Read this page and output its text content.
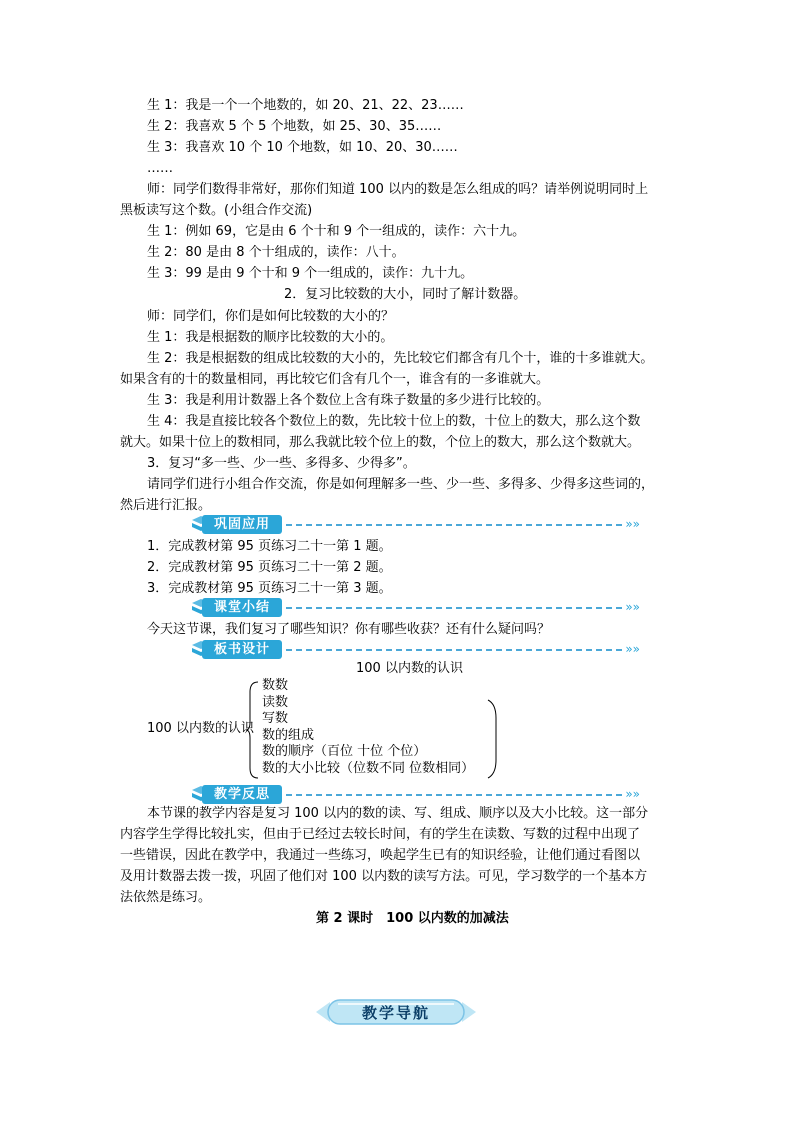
生 1：我是一个一个地数的，如 20、21、22、23……
生 2：我喜欢 5 个 5 个地数，如 25、30、35……
生 3：我喜欢 10 个 10 个地数，如 10、20、30……
……
师：同学们数得非常好，那你们知道 100 以内的数是怎么组成的吗？请举例说明同时上
黑板读写这个数。(小组合作交流)
生 1：例如 69，它是由 6 个十和 9 个一组成的，读作：六十九。
生 2：80 是由 8 个十组成的，读作：八十。
生 3：99 是由 9 个十和 9 个一组成的，读作：九十九。
2．复习比较数的大小，同时了解计数器。
师：同学们，你们是如何比较数的大小的？
生 1：我是根据数的顺序比较数的大小的。
生 2：我是根据数的组成比较数的大小的，先比较它们都含有几个十，谁的十多谁就大。
如果含有的十的数量相同，再比较它们含有几个一，谁含有的一多谁就大。
生 3：我是利用计数器上各个数位上含有珠子数量的多少进行比较的。
生 4：我是直接比较各个数位上的数，先比较十位上的数，十位上的数大，那么这个数
就大。如果十位上的数相同，那么我就比较个位上的数，个位上的数大，那么这个数就大。
3．复习“多一些、少一些、多得多、少得多”。
请同学们进行小组合作交流，你是如何理解多一些、少一些、多得多、少得多这些词的，
然后进行汇报。
1．完成教材第 95 页练习二十一第 1 题。
2．完成教材第 95 页练习二十一第 2 题。
3．完成教材第 95 页练习二十一第 3 题。
今天这节课，我们复习了哪些知识？你有哪些收获？还有什么疑问吗？
本节课的教学内容是复习 100 以内的数的读、写、组成、顺序以及大小比较。这一部分
内容学生学得比较扎实，但由于已经过去较长时间，有的学生在读数、写数的过程中出现了
一些错误，因此在教学中，我通过一些练习，唤起学生已有的知识经验，让他们通过看图以
及用计数器去拨一拨，巩固了他们对 100 以内数的读写方法。可见，学习数学的一个基本方
法依然是练习。
巩固应用	»»
课堂小结	»»
板书设计	»»
教学反思	»»
100 以内数的认识
100 以内数的认识
数数
读数
写数
数的组成
数的顺序（百位 十位 个位）
数的大小比较（位数不同 位数相同）
第 2 课时　100 以内数的加减法
教学导航
